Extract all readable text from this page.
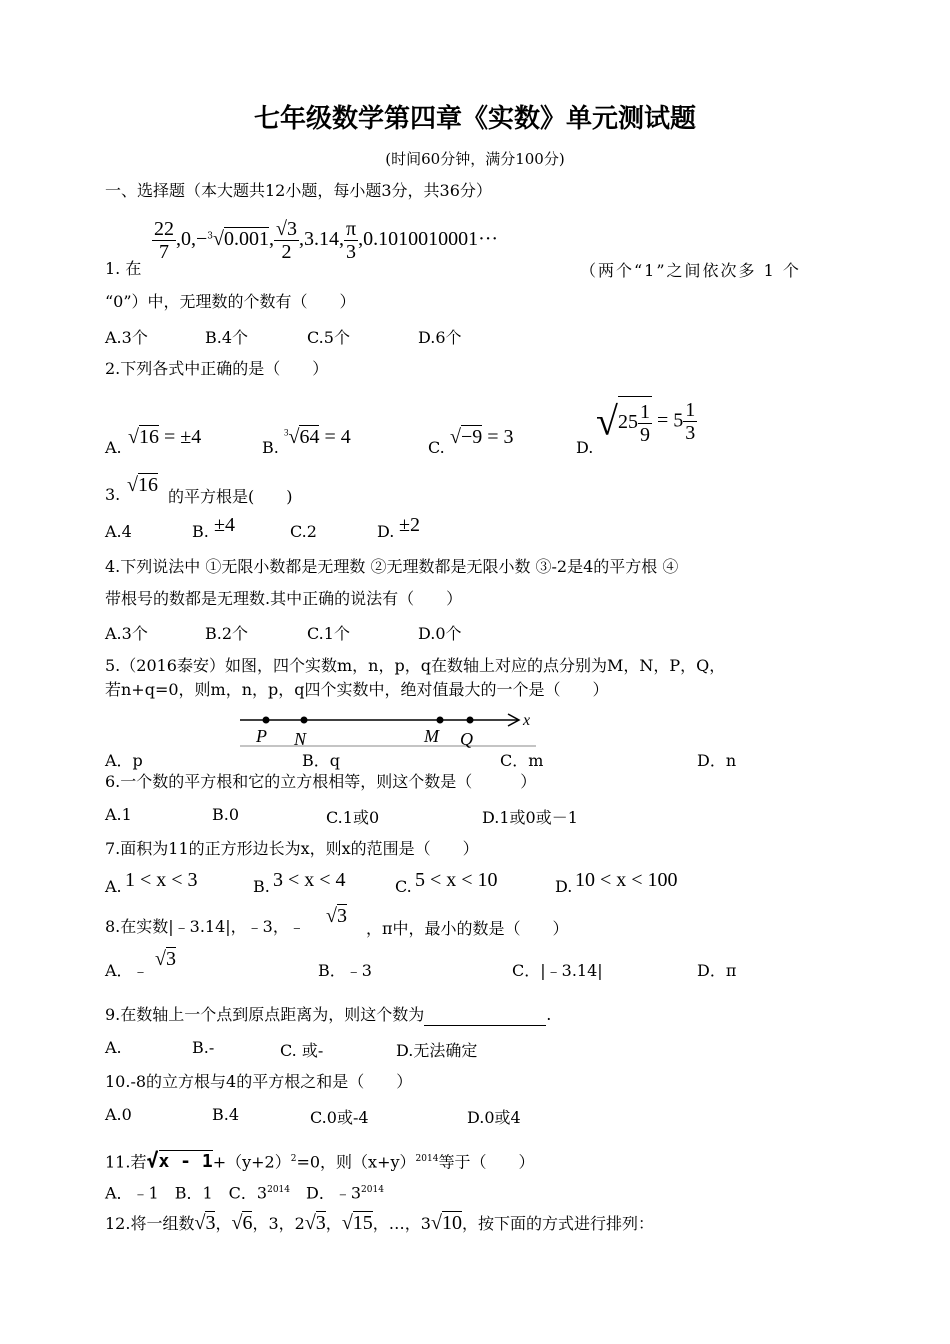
七年级数学第四章《实数》单元测试题
(时间60分钟，满分100分)
一、选择题（本大题共12小题，每小题3分，共36分）
$\frac{22}{7} ,0,-^3√0.001$, $\frac{√3}{2} ,3.14$, $\frac{\pi}{3} ,0.1010010001\cdot\cdot\cdot$
1. 在	（两个“1”之间依次多 1 个
“0”）中，无理数的个数有（　　）
A.3个	B.4个	C.5个	D.6个
2.下列各式中正确的是（　　）
A. √16 = ±4	B.
$^3$√64 = 4	C. √−9 = 3	D.
$√25 \frac{1}{9} = 5 \frac{1}{3}$
3. √16
的平方根是(　　)
A.4	B. ±4	C.2	D. ±2
4.下列说法中 ①无限小数都是无理数 ②无理数都是无限小数 ③-2是4的平方根 ④
带根号的数都是无理数.其中正确的说法有（　　）
A.3个	B.2个	C.1个	D.0个
5.（2016泰安）如图，四个实数m，n，p，q在数轴上对应的点分别为M，N，P，Q，
若n+q=0，则m，n，p，q四个实数中，绝对值最大的一个是（　　）
P N	M Q
x
A．p	B．q	C．m	D．n
6.一个数的平方根和它的立方根相等，则这个数是（　　　）
A.1	B.0	C.1或0	D.1或0或－1
7.面积为11的正方形边长为x，则x的范围是（　　）
A. 1 < x < 3	B. 3 < x < 4	C. 5 < x < 10	D. 10 < x < 100
8.在实数|﹣3.14|，﹣3，﹣ √3
，π中，最小的数是（　　）
A．﹣
√3
B．﹣3	C．|﹣3.14|	D．π
9.在数轴上一个点到原点距离为，则这个数为	.
A.	B.-	C. 或-	D.无法确定
10.-8的立方根与4的平方根之和是（　　）
A.0	B.4	C.0或-4	D.0或4
11.若$√x - 1+(y+2)^2=0$，则$(x+y)^{2014}$等于（　　）
A．﹣1　B．1　C．$3^{2014}$　D．$﹣3^{2014}$
12.将一组数√3，√6，3，2√3，√15，…，3√10，按下面的方式进行排列：
